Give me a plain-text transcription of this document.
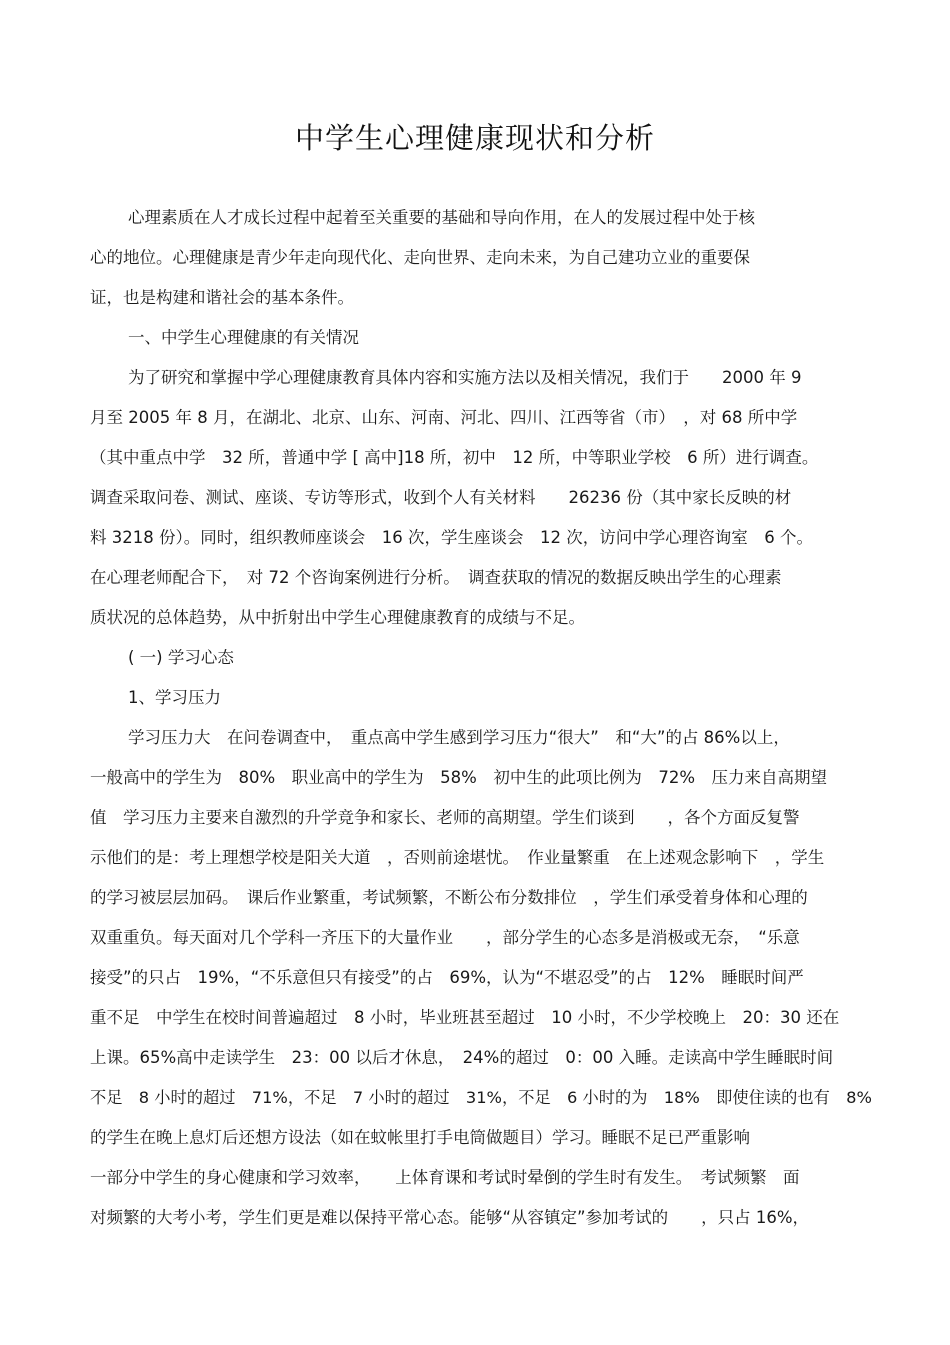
中学生心理健康现状和分析
心理素质在人才成长过程中起着至关重要的基础和导向作用，在人的发展过程中处于核
心的地位。心理健康是青少年走向现代化、走向世界、走向未来，为自己建功立业的重要保
证，也是构建和谐社会的基本条件。
一、中学生心理健康的有关情况
为了研究和掌握中学心理健康教育具体内容和实施方法以及相关情况，我们于　　2000 年 9
月至 2005 年 8 月，在湖北、北京、山东、河南、河北、四川、江西等省（市）　，对 68 所中学
（其中重点中学　32 所，普通中学 [ 高中]18 所，初中　12 所，中等职业学校　6 所）进行调查。
调查采取问卷、测试、座谈、专访等形式，收到个人有关材料　　26236 份（其中家长反映的材
料 3218 份）。同时，组织教师座谈会　16 次，学生座谈会　12 次，访问中学心理咨询室　6 个。
在心理老师配合下，　对 72 个咨询案例进行分析。　调查获取的情况的数据反映出学生的心理素
质状况的总体趋势，从中折射出中学生心理健康教育的成绩与不足。
( 一) 学习心态
1、学习压力
学习压力大　在问卷调查中，　重点高中学生感到学习压力“很大”　和“大”的占 86%以上，
一般高中的学生为　80%　职业高中的学生为　58%　初中生的此项比例为　72%　压力来自高期望
值　学习压力主要来自激烈的升学竞争和家长、老师的高期望。学生们谈到　　，各个方面反复警
示他们的是：考上理想学校是阳关大道　，否则前途堪忧。　作业量繁重　在上述观念影响下　，学生
的学习被层层加码。　课后作业繁重，考试频繁，不断公布分数排位　，学生们承受着身体和心理的
双重重负。每天面对几个学科一齐压下的大量作业　　，部分学生的心态多是消极或无奈，　“乐意
接受”的只占　19%，“不乐意但只有接受”的占　69%，认为“不堪忍受”的占　12%　睡眠时间严
重不足　中学生在校时间普遍超过　8 小时，毕业班甚至超过　10 小时，不少学校晚上　20：30 还在
上课。65%高中走读学生　23：00 以后才休息，　24%的超过　0：00 入睡。走读高中学生睡眠时间
不足　8 小时的超过　71%，不足　7 小时的超过　31%，不足　6 小时的为　18%　即使住读的也有　8%
的学生在晚上息灯后还想方设法（如在蚊帐里打手电筒做题目）学习。睡眠不足已严重影响
一部分中学生的身心健康和学习效率，　　上体育课和考试时晕倒的学生时有发生。　考试频繁　面
对频繁的大考小考，学生们更是难以保持平常心态。能够“从容镇定”参加考试的　　，只占 16%，
